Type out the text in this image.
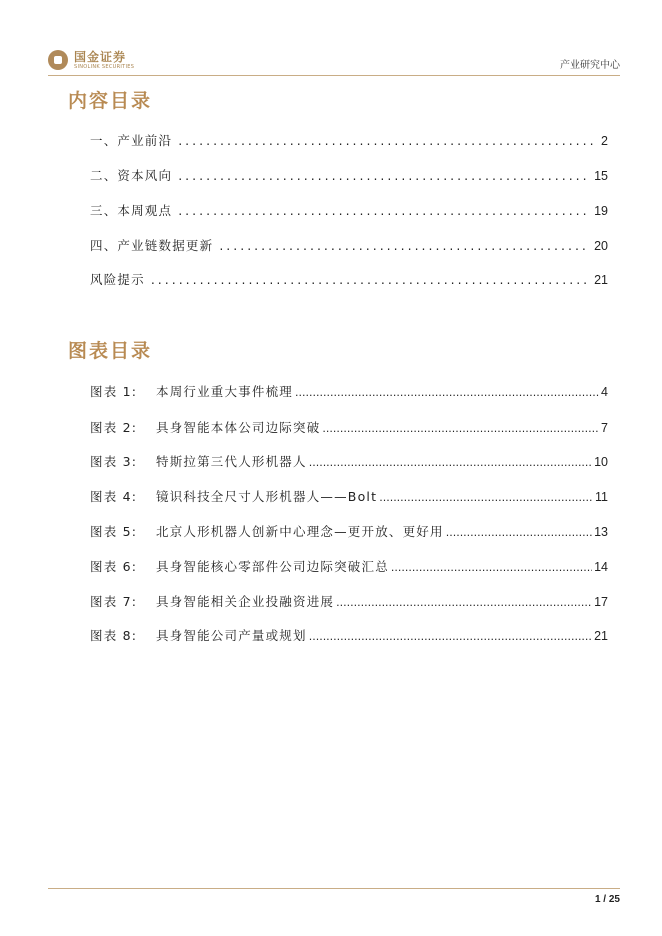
国金证券
SINOLINK SECURITIES	产业研究中心
内容目录
一、产业前沿 .....	2
二、资本风向 .....	15
三、本周观点 .....	19
四、产业链数据更新 .....	20
风险提示 .....	21
图表目录
图表 1:	本周行业重大事件梳理 .....	4
图表 2:	具身智能本体公司边际突破 .....	7
图表 3:	特斯拉第三代人形机器人 .....	10
图表 4:	镜识科技全尺寸人形机器人——Bolt .....	11
图表 5:	北京人形机器人创新中心理念—更开放、更好用 .....	13
图表 6:	具身智能核心零部件公司边际突破汇总 .....	14
图表 7:	具身智能相关企业投融资进展 .....	17
图表 8:	具身智能公司产量或规划 .....	21
1 / 25
